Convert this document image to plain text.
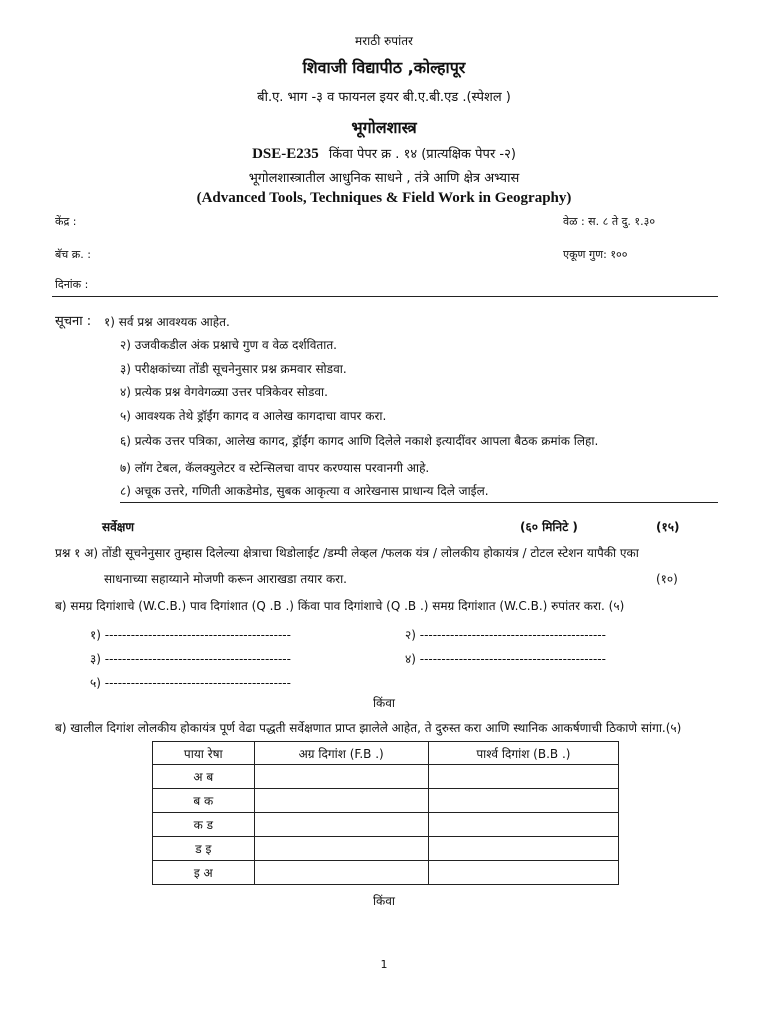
मराठी रुपांतर
शिवाजी विद्यापीठ ,कोल्हापूर
बी.ए. भाग -३ व फायनल इयर बी.ए.बी.एड .(स्पेशल )
भूगोलशास्त्र
DSE-E235 किंवा पेपर क्र . १४ (प्रात्यक्षिक पेपर -२)
भूगोलशास्त्रातील आधुनिक साधने , तंत्रे आणि क्षेत्र अभ्यास
(Advanced Tools, Techniques & Field Work in Geography)
केंद्र :	वेळ : स. ८ ते दु. १.३०
बॅच क्र. :	एकूण गुण: १००
दिनांक :
सूचना : १) सर्व प्रश्न आवश्यक आहेत.
२) उजवीकडील अंक प्रश्नाचे गुण व वेळ दर्शवितात.
३) परीक्षकांच्या तोंडी सूचनेनुसार प्रश्न क्रमवार सोडवा.
४) प्रत्येक प्रश्न वेगवेगळ्या उत्तर पत्रिकेवर सोडवा.
५) आवश्यक तेथे ड्रॉईंग कागद व आलेख कागदाचा वापर करा.
६) प्रत्येक उत्तर पत्रिका, आलेख कागद, ड्रॉईंग कागद आणि दिलेले नकाशे इत्यादींवर आपला बैठक क्रमांक लिहा.
७) लॉग टेबल, कॅलक्युलेटर व स्टेन्सिलचा वापर करण्यास परवानगी आहे.
८) अचूक उत्तरे, गणिती आकडेमोड, सुबक आकृत्या व आरेखनास प्राधान्य दिले जाईल.
सर्वेक्षण	(६० मिनिटे )	(१५)
प्रश्न १ अ) तोंडी सूचनेनुसार तुम्हास दिलेल्या क्षेत्राचा थिडोलाईट /डम्पी लेव्हल /फलक यंत्र / लोलकीय होकायंत्र / टोटल स्टेशन यापैकी एका
साधनाच्या सहाय्याने मोजणी करून आराखडा तयार करा.	(१०)
ब) समग्र दिगांशाचे (W.C.B.) पाव दिगांशात (Q .B .) किंवा पाव दिगांशाचे (Q .B .) समग्र दिगांशात (W.C.B.) रुपांतर करा. (५)
१) -------------------------------------------	२) -------------------------------------------
३) -------------------------------------------	४) -------------------------------------------
५) -------------------------------------------
किंवा
ब) खालील दिगांश लोलकीय होकायंत्र पूर्ण वेढा पद्धती सर्वेक्षणात प्राप्त झालेले आहेत, ते दुरुस्त करा आणि स्थानिक आकर्षणाची ठिकाणे सांगा.(५)
पाया रेषा	अग्र दिगांश (F.B .)	पार्श्व दिगांश (B.B .)
अ ब		
ब क		
क ड		
ड इ		
इ अ		
किंवा
1
